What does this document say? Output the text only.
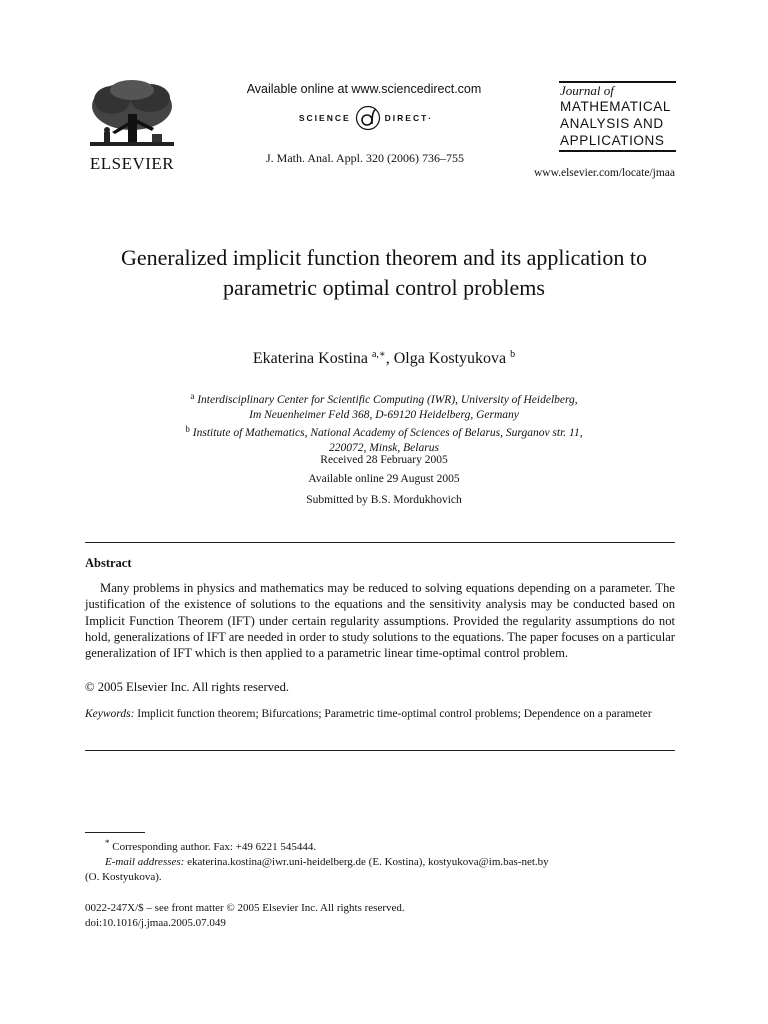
ELSEVIER
Available online at www.sciencedirect.com
SCIENCE	DIRECT·
J. Math. Anal. Appl. 320 (2006) 736–755
Journal of
MATHEMATICAL
ANALYSIS AND
APPLICATIONS
www.elsevier.com/locate/jmaa
Generalized implicit function theorem and its application to parametric optimal control problems
Ekaterina Kostina $^{a,∗}$, Olga Kostyukova $^b$
$^a$ Interdisciplinary Center for Scientific Computing (IWR), University of Heidelberg,
Im Neuenheimer Feld 368, D-69120 Heidelberg, Germany
$^b$ Institute of Mathematics, National Academy of Sciences of Belarus, Surganov str. 11,
220072, Minsk, Belarus
Received 28 February 2005
Available online 29 August 2005
Submitted by B.S. Mordukhovich
Abstract

Many problems in physics and mathematics may be reduced to solving equations depending on a parameter. The justification of the existence of solutions to the equations and the sensitivity analysis may be conducted based on Implicit Function Theorem (IFT) under certain regularity assumptions. Provided the regularity assumptions do not hold, generalizations of IFT are needed in order to study solutions to the equations. The paper focuses on a particular generalization of IFT which is then applied to a parametric linear time-optimal control problem.

© 2005 Elsevier Inc. All rights reserved.
Keywords: Implicit function theorem; Bifurcations; Parametric time-optimal control problems; Dependence on a parameter
* Corresponding author. Fax: +49 6221 545444.
E-mail addresses: ekaterina.kostina@iwr.uni-heidelberg.de (E. Kostina), kostyukova@im.bas-net.by
(O. Kostyukova).
0022-247X/$ – see front matter © 2005 Elsevier Inc. All rights reserved.
doi:10.1016/j.jmaa.2005.07.049
